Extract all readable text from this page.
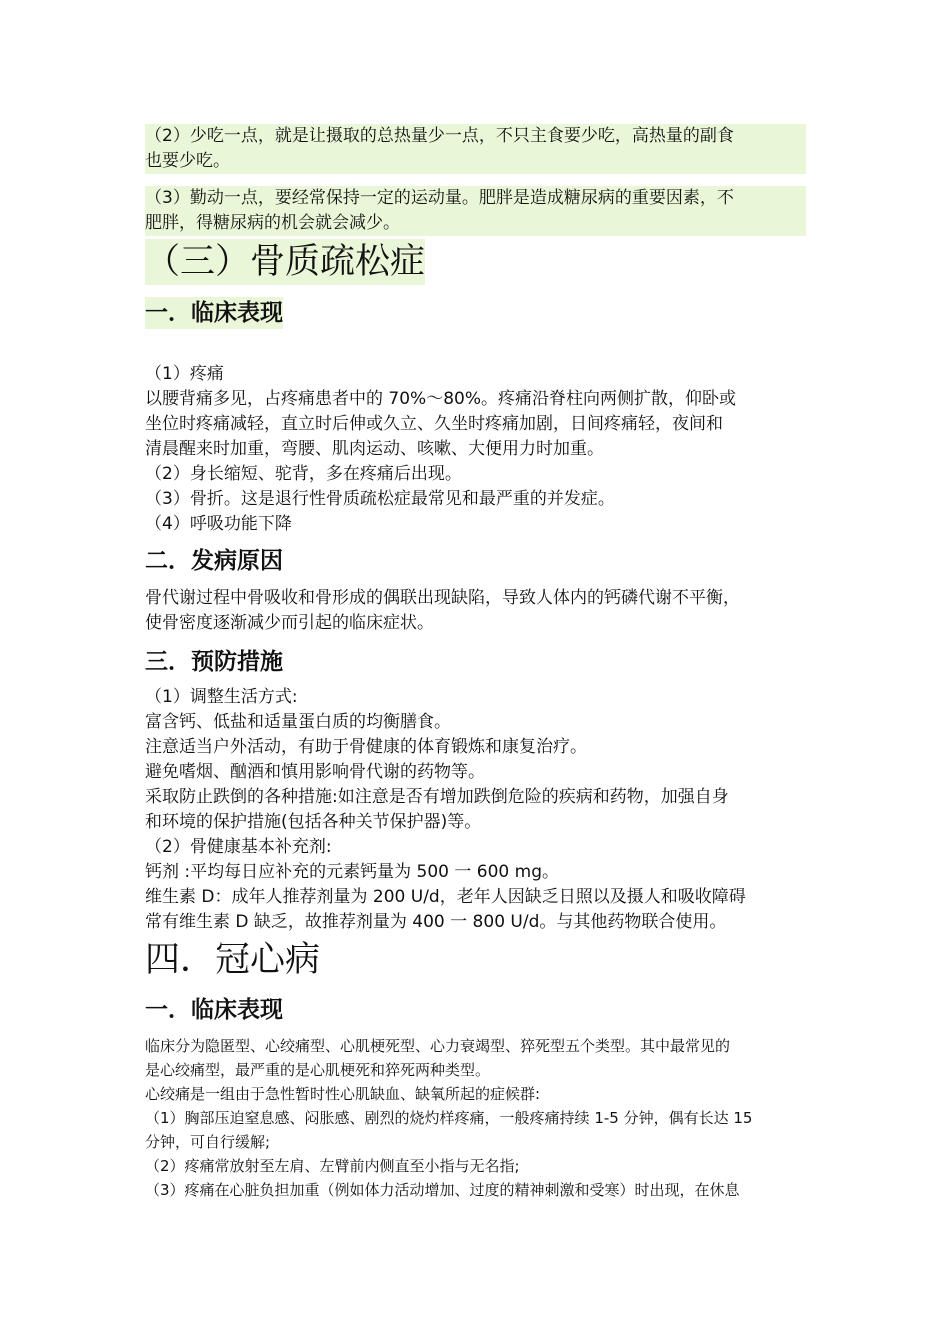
（2）少吃一点，就是让摄取的总热量少一点，不只主食要少吃，高热量的副食
也要少吃。

（3）勤动一点，要经常保持一定的运动量。肥胖是造成糖尿病的重要因素，不
肥胖，得糖尿病的机会就会减少。

（三）骨质疏松症
一．临床表现

（1）疼痛
以腰背痛多见，占疼痛患者中的 70%～80%。疼痛沿脊柱向两侧扩散，仰卧或
坐位时疼痛减轻，直立时后伸或久立、久坐时疼痛加剧，日间疼痛轻，夜间和
清晨醒来时加重，弯腰、肌肉运动、咳嗽、大便用力时加重。
（2）身长缩短、驼背，多在疼痛后出现。
（3）骨折。这是退行性骨质疏松症最常见和最严重的并发症。
（4）呼吸功能下降

二．发病原因

骨代谢过程中骨吸收和骨形成的偶联出现缺陷，导致人体内的钙磷代谢不平衡，
使骨密度逐渐减少而引起的临床症状。

三．预防措施

（1）调整生活方式:
富含钙、低盐和适量蛋白质的均衡膳食。
注意适当户外活动，有助于骨健康的体育锻炼和康复治疗。
避免嗜烟、酗酒和慎用影响骨代谢的药物等。
采取防止跌倒的各种措施:如注意是否有增加跌倒危险的疾病和药物，加强自身
和环境的保护措施(包括各种关节保护器)等。
（2）骨健康基本补充剂:
钙剂 :平均每日应补充的元素钙量为 500 一 600 mg。
维生素 D：成年人推荐剂量为 200 U/d，老年人因缺乏日照以及摄人和吸收障碍
常有维生素 D 缺乏，故推荐剂量为 400 一 800 U/d。与其他药物联合使用。

四．冠心病
一．临床表现

临床分为隐匿型、心绞痛型、心肌梗死型、心力衰竭型、猝死型五个类型。其中最常见的
是心绞痛型，最严重的是心肌梗死和猝死两种类型。
心绞痛是一组由于急性暂时性心肌缺血、缺氧所起的症候群:
（1）胸部压迫窒息感、闷胀感、剧烈的烧灼样疼痛，一般疼痛持续 1-5 分钟，偶有长达 15
分钟，可自行缓解;
（2）疼痛常放射至左肩、左臂前内侧直至小指与无名指;
（3）疼痛在心脏负担加重（例如体力活动增加、过度的精神刺激和受寒）时出现，在休息
